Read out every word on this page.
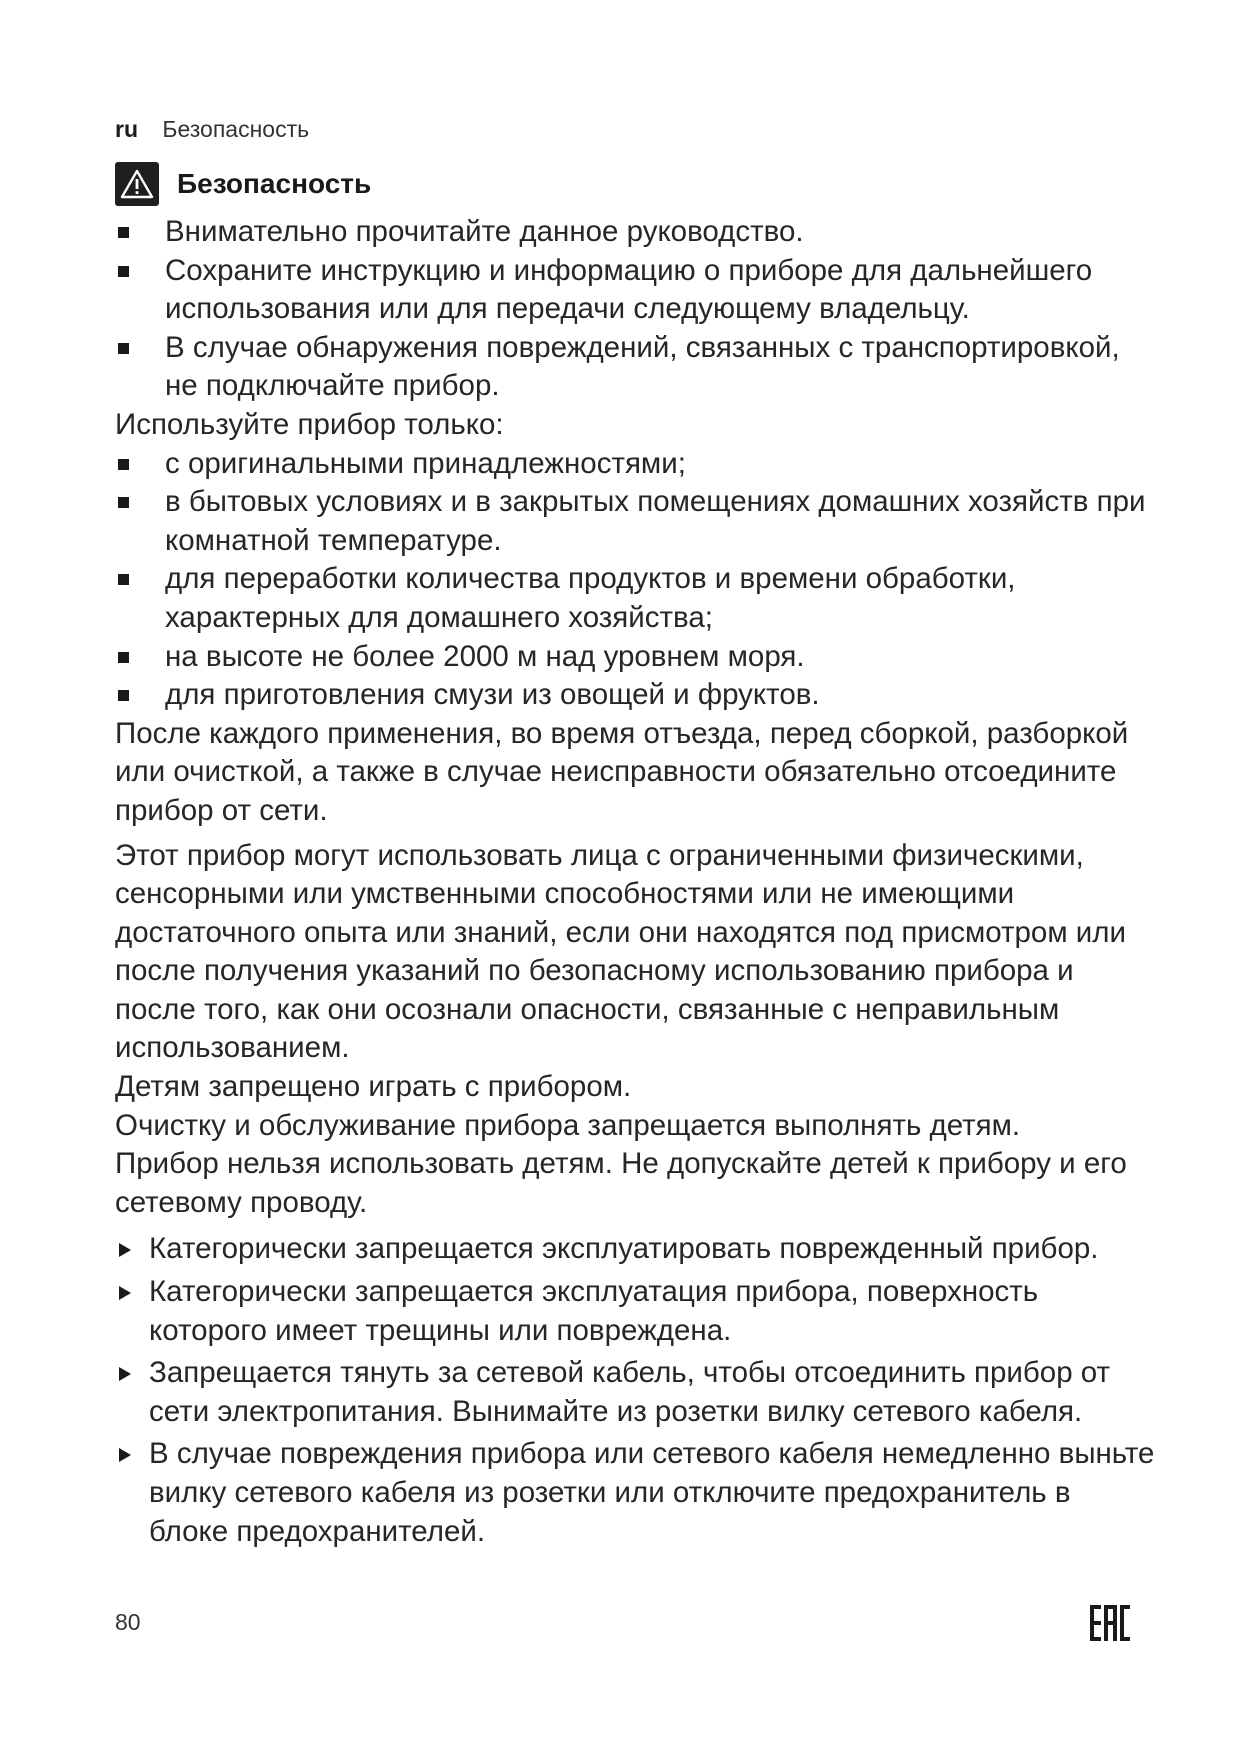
ru Безопасность
Безопасность
Внимательно прочитайте данное руководство.
Сохраните инструкцию и информацию о приборе для дальнейшего использования или для передачи следующему владельцу.
В случае обнаружения повреждений, связанных с транспортировкой, не подключайте прибор.

Используйте прибор только:

с оригинальными принадлежностями;
в бытовых условиях и в закрытых помещениях домашних хозяйств при комнатной температуре.
для переработки количества продуктов и времени обработки, характерных для домашнего хозяйства;
на высоте не более 2000 м над уровнем моря.
для приготовления смузи из овощей и фруктов.

После каждого применения, во время отъезда, перед сборкой, разборкой или очисткой, а также в случае неисправности обязательно отсоедините прибор от сети.

Этот прибор могут использовать лица с ограниченными физическими, сенсорными или умственными способностями или не имеющими достаточного опыта или знаний, если они находятся под присмотром или после получения указаний по безопасному использованию прибора и после того, как они осознали опасности, связанные с неправильным использованием.

Детям запрещено играть с прибором.

Очистку и обслуживание прибора запрещается выполнять детям.

Прибор нельзя использовать детям. Не допускайте детей к прибору и его сетевому проводу.

Категорически запрещается эксплуатировать поврежденный прибор.
Категорически запрещается эксплуатация прибора, поверхность которого имеет трещины или повреждена.
Запрещается тянуть за сетевой кабель, чтобы отсоединить прибор от сети электропитания. Вынимайте из розетки вилку сетевого кабеля.
В случае повреждения прибора или сетевого кабеля немедленно выньте вилку сетевого кабеля из розетки или отключите предохранитель в блоке предохранителей.
80
